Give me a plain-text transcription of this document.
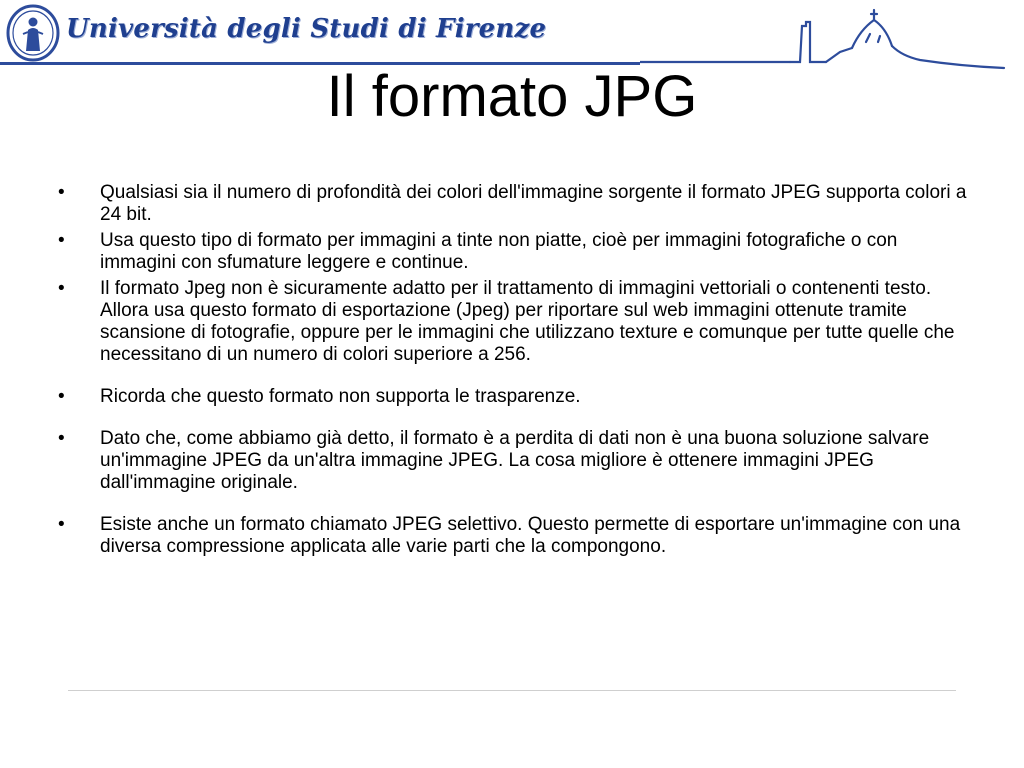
Università degli Studi di Firenze
Il formato JPG
•	Qualsiasi sia il numero di profondità dei colori dell'immagine sorgente il formato JPEG supporta colori a 24 bit.
•	Usa questo tipo di formato per immagini a tinte non piatte, cioè per immagini fotografiche o con immagini con sfumature leggere e continue.
•	Il formato Jpeg non è sicuramente adatto per il trattamento di immagini vettoriali o contenenti testo. Allora usa questo formato di esportazione (Jpeg) per riportare sul web immagini ottenute tramite scansione di fotografie, oppure per le immagini che utilizzano texture e comunque per tutte quelle che necessitano di un numero di colori superiore a 256.
•	Ricorda che questo formato non supporta le trasparenze.
•	Dato che, come abbiamo già detto, il formato è a perdita di dati non è una buona soluzione salvare un'immagine JPEG da un'altra immagine JPEG. La cosa migliore è ottenere immagini JPEG dall'immagine originale.
•	Esiste anche un formato chiamato JPEG selettivo. Questo permette di esportare un'immagine con una diversa compressione applicata alle varie parti che la compongono.
